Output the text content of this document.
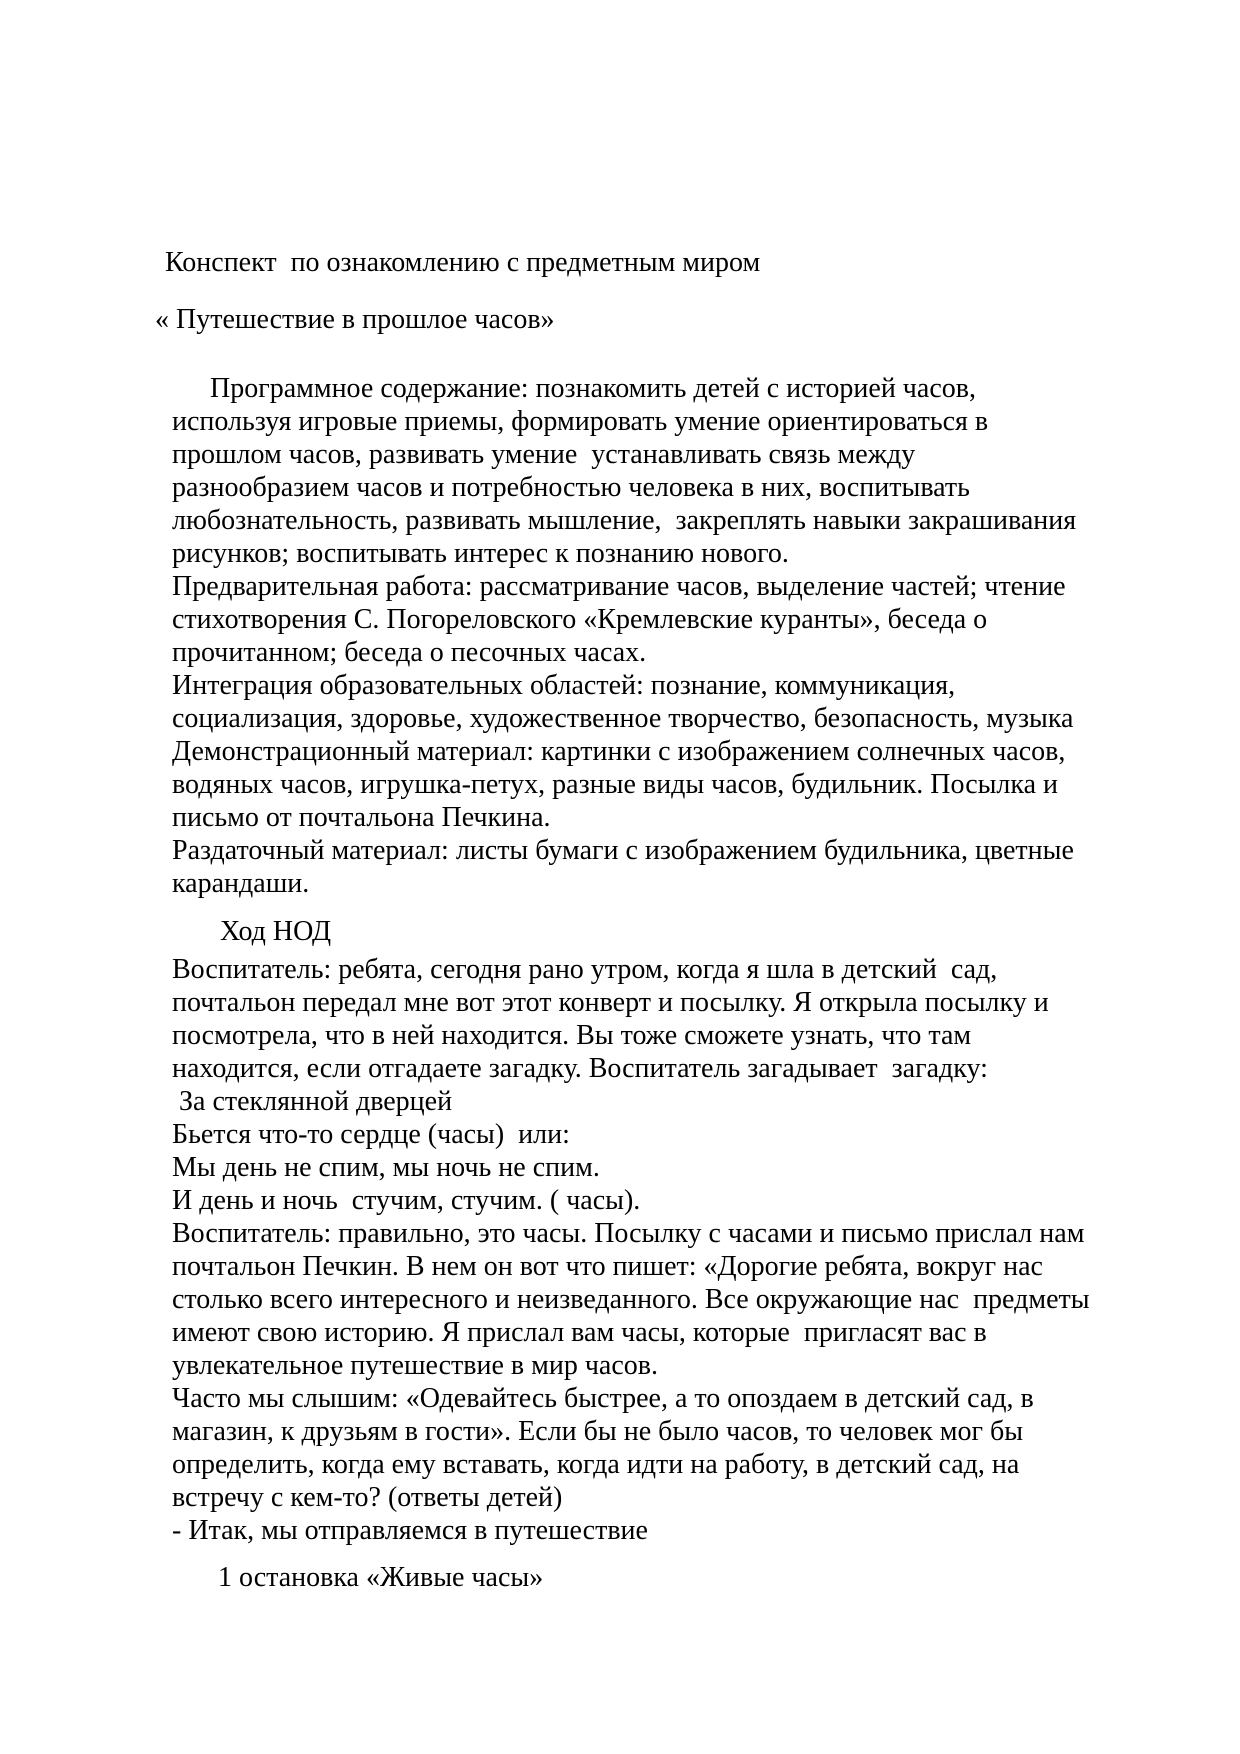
Конспект  по ознакомлению с предметным миром
« Путешествие в прошлое часов»
Программное содержание: познакомить детей с историей часов,
используя игровые приемы, формировать умение ориентироваться в
прошлом часов, развивать умение  устанавливать связь между
разнообразием часов и потребностью человека в них, воспитывать
любознательность, развивать мышление,  закреплять навыки закрашивания
рисунков; воспитывать интерес к познанию нового.
Предварительная работа: рассматривание часов, выделение частей; чтение
стихотворения С. Погореловского «Кремлевские куранты», беседа о
прочитанном; беседа о песочных часах.
Интеграция образовательных областей: познание, коммуникация,
социализация, здоровье, художественное творчество, безопасность, музыка
Демонстрационный материал: картинки с изображением солнечных часов,
водяных часов, игрушка-петух, разные виды часов, будильник. Посылка и
письмо от почтальона Печкина.
Раздаточный материал: листы бумаги с изображением будильника, цветные
карандаши.
Ход НОД
Воспитатель: ребята, сегодня рано утром, когда я шла в детский  сад,
почтальон передал мне вот этот конверт и посылку. Я открыла посылку и
посмотрела, что в ней находится. Вы тоже сможете узнать, что там
находится, если отгадаете загадку. Воспитатель загадывает  загадку:
За стеклянной дверцей
Бьется что-то сердце (часы)  или:
Мы день не спим, мы ночь не спим.
И день и ночь  стучим, стучим. ( часы).
Воспитатель: правильно, это часы. Посылку с часами и письмо прислал нам
почтальон Печкин. В нем он вот что пишет: «Дорогие ребята, вокруг нас
столько всего интересного и неизведанного. Все окружающие нас  предметы
имеют свою историю. Я прислал вам часы, которые  пригласят вас в
увлекательное путешествие в мир часов.
Часто мы слышим: «Одевайтесь быстрее, а то опоздаем в детский сад, в
магазин, к друзьям в гости». Если бы не было часов, то человек мог бы
определить, когда ему вставать, когда идти на работу, в детский сад, на
встречу с кем-то? (ответы детей)
- Итак, мы отправляемся в путешествие
1 остановка «Живые часы»
